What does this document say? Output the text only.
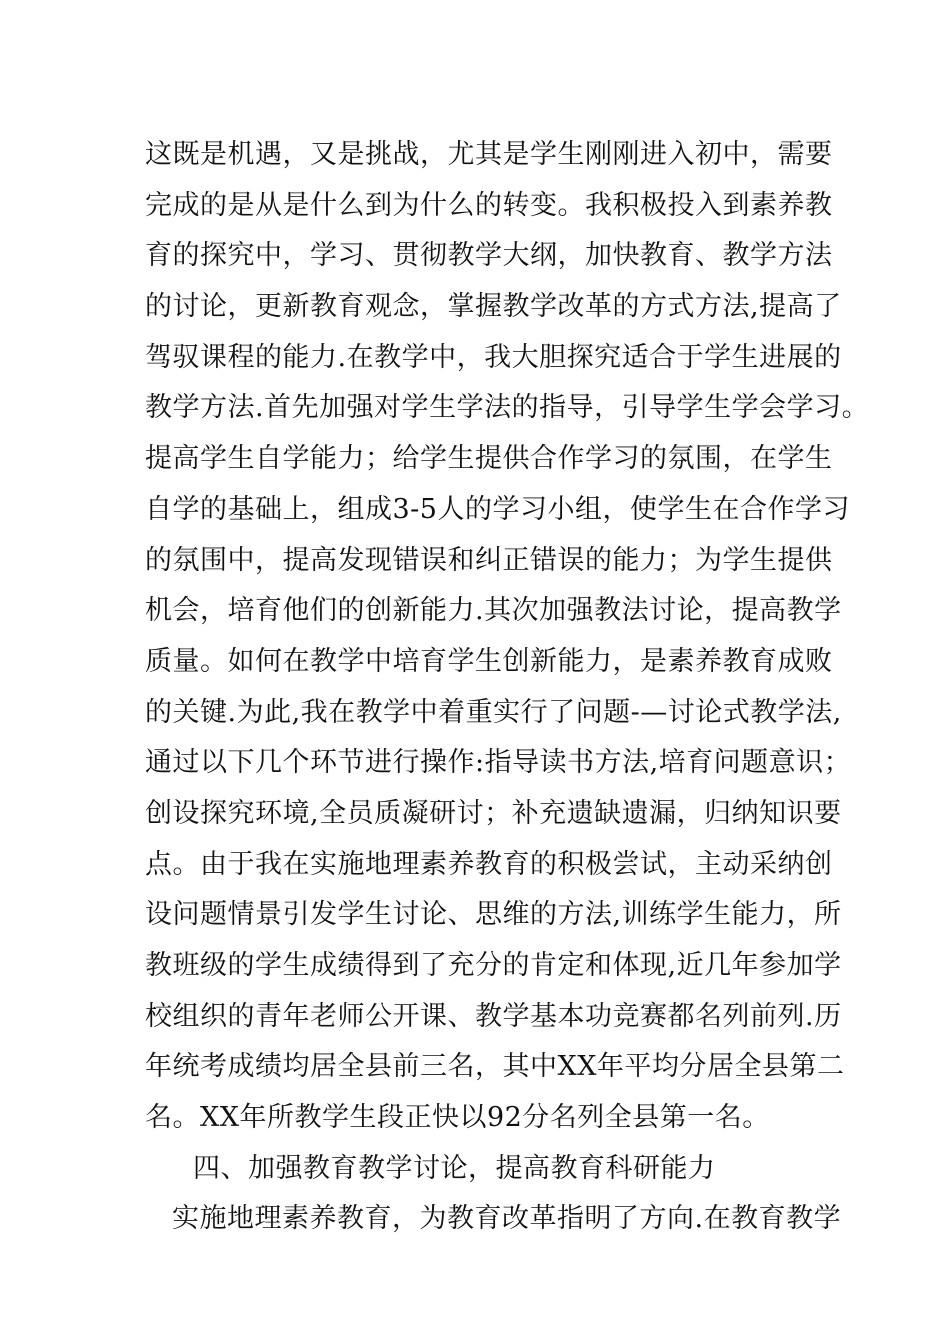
这既是机遇，又是挑战，尤其是学生刚刚进入初中，需要
完成的是从是什么到为什么的转变。我积极投入到素养教
育的探究中，学习、贯彻教学大纲，加快教育、教学方法
的讨论，更新教育观念，掌握教学改革的方式方法,提高了
驾驭课程的能力.在教学中，我大胆探究适合于学生进展的
教学方法.首先加强对学生学法的指导，引导学生学会学习。
提高学生自学能力；给学生提供合作学习的氛围，在学生
自学的基础上，组成3-5人的学习小组，使学生在合作学习
的氛围中，提高发现错误和纠正错误的能力；为学生提供
机会，培育他们的创新能力.其次加强教法讨论，提高教学
质量。如何在教学中培育学生创新能力，是素养教育成败
的关键.为此,我在教学中着重实行了问题-—讨论式教学法,
通过以下几个环节进行操作:指导读书方法,培育问题意识；
创设探究环境,全员质凝研讨；补充遗缺遗漏，归纳知识要
点。由于我在实施地理素养教育的积极尝试，主动采纳创
设问题情景引发学生讨论、思维的方法,训练学生能力，所
教班级的学生成绩得到了充分的肯定和体现,近几年参加学
校组织的青年老师公开课、教学基本功竞赛都名列前列.历
年统考成绩均居全县前三名，其中XX年平均分居全县第二
名。XX年所教学生段正快以92分名列全县第一名。
四、加强教育教学讨论，提高教育科研能力
实施地理素养教育，为教育改革指明了方向.在教育教学
